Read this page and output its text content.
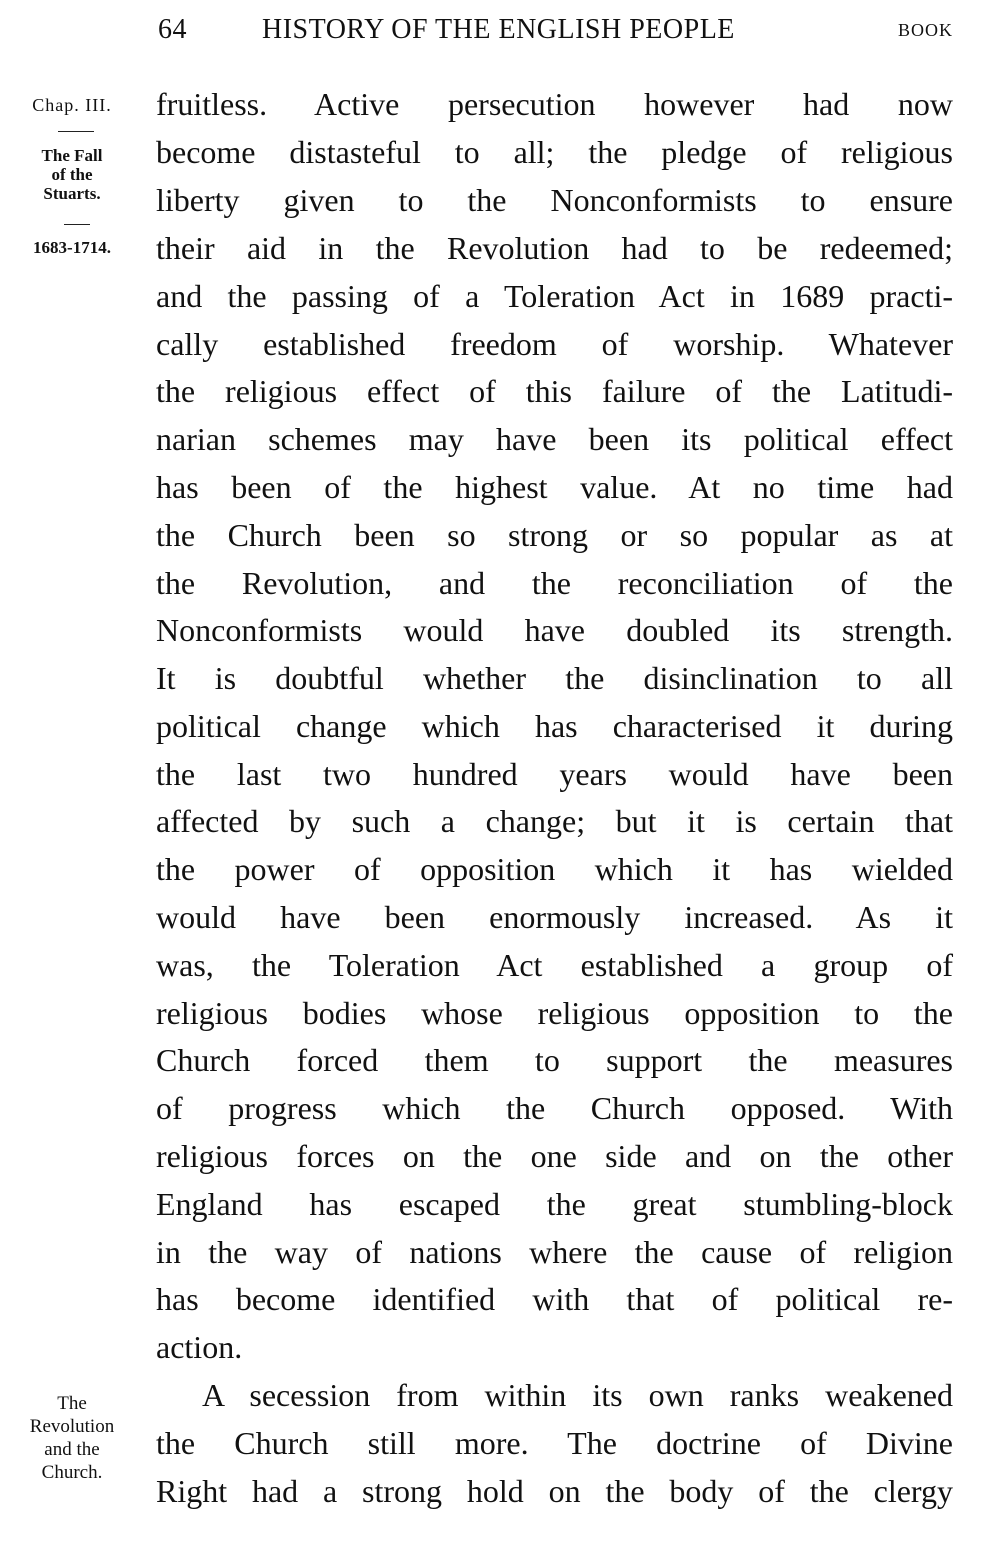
64	HISTORY OF THE ENGLISH PEOPLE	BOOK
Chap. III.
The Fall
of the
Stuarts.
1683-1714.
The
Revolution
and the
Church.
fruitless. Active persecution however had now
become distasteful to all; the pledge of religious
liberty given to the Nonconformists to ensure
their aid in the Revolution had to be redeemed;
and the passing of a Toleration Act in 1689 practi-
cally established freedom of worship. Whatever
the religious effect of this failure of the Latitudi-
narian schemes may have been its political effect
has been of the highest value. At no time had
the Church been so strong or so popular as at
the Revolution, and the reconciliation of the
Nonconformists would have doubled its strength.
It is doubtful whether the disinclination to all
political change which has characterised it during
the last two hundred years would have been
affected by such a change; but it is certain that
the power of opposition which it has wielded
would have been enormously increased. As it
was, the Toleration Act established a group of
religious bodies whose religious opposition to the
Church forced them to support the measures
of progress which the Church opposed. With
religious forces on the one side and on the other
England has escaped the great stumbling-block
in the way of nations where the cause of religion
has become identified with that of political re-
action.
A secession from within its own ranks weakened
the Church still more. The doctrine of Divine
Right had a strong hold on the body of the clergy
